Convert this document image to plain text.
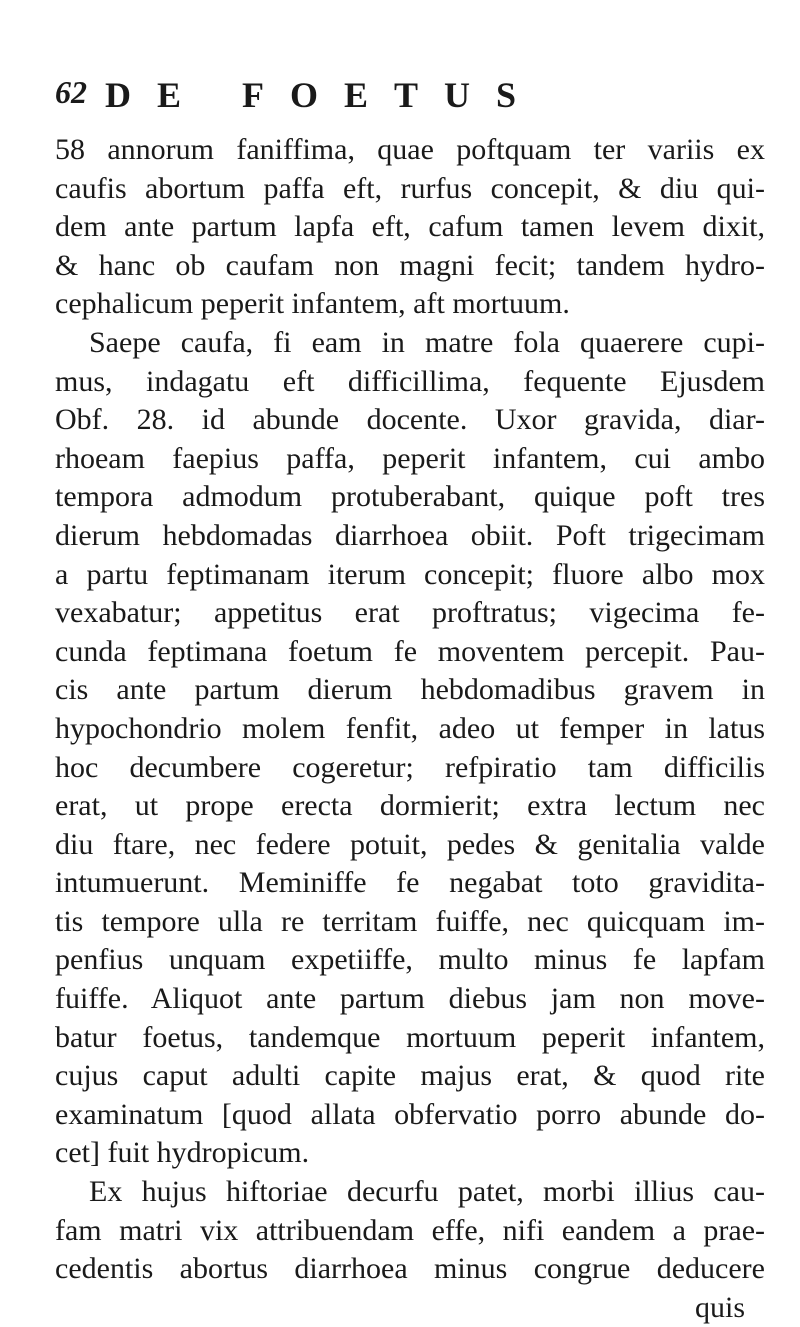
62 DE FOETUS
58 annorum faniffima, quae poftquam ter variis ex
caufis abortum paffa eft, rurfus concepit, & diu qui-
dem ante partum lapfa eft, cafum tamen levem dixit,
& hanc ob caufam non magni fecit; tandem hydro-
cephalicum peperit infantem, aft mortuum.
Saepe caufa, fi eam in matre fola quaerere cupi-
mus, indagatu eft difficillima, fequente Ejusdem
Obf. 28. id abunde docente. Uxor gravida, diar-
rhoeam faepius paffa, peperit infantem, cui ambo
tempora admodum protuberabant, quique poft tres
dierum hebdomadas diarrhoea obiit. Poft trigecimam
a partu feptimanam iterum concepit; fluore albo mox
vexabatur; appetitus erat proftratus; vigecima fe-
cunda feptimana foetum fe moventem percepit. Pau-
cis ante partum dierum hebdomadibus gravem in
hypochondrio molem fenfit, adeo ut femper in latus
hoc decumbere cogeretur; refpiratio tam difficilis
erat, ut prope erecta dormierit; extra lectum nec
diu ftare, nec federe potuit, pedes & genitalia valde
intumuerunt. Meminiffe fe negabat toto gravidita-
tis tempore ulla re territam fuiffe, nec quicquam im-
penfius unquam expetiiffe, multo minus fe lapfam
fuiffe. Aliquot ante partum diebus jam non move-
batur foetus, tandemque mortuum peperit infantem,
cujus caput adulti capite majus erat, & quod rite
examinatum [quod allata obfervatio porro abunde do-
cet] fuit hydropicum.
Ex hujus hiftoriae decurfu patet, morbi illius cau-
fam matri vix attribuendam effe, nifi eandem a prae-
cedentis abortus diarrhoea minus congrue deducere
quis
